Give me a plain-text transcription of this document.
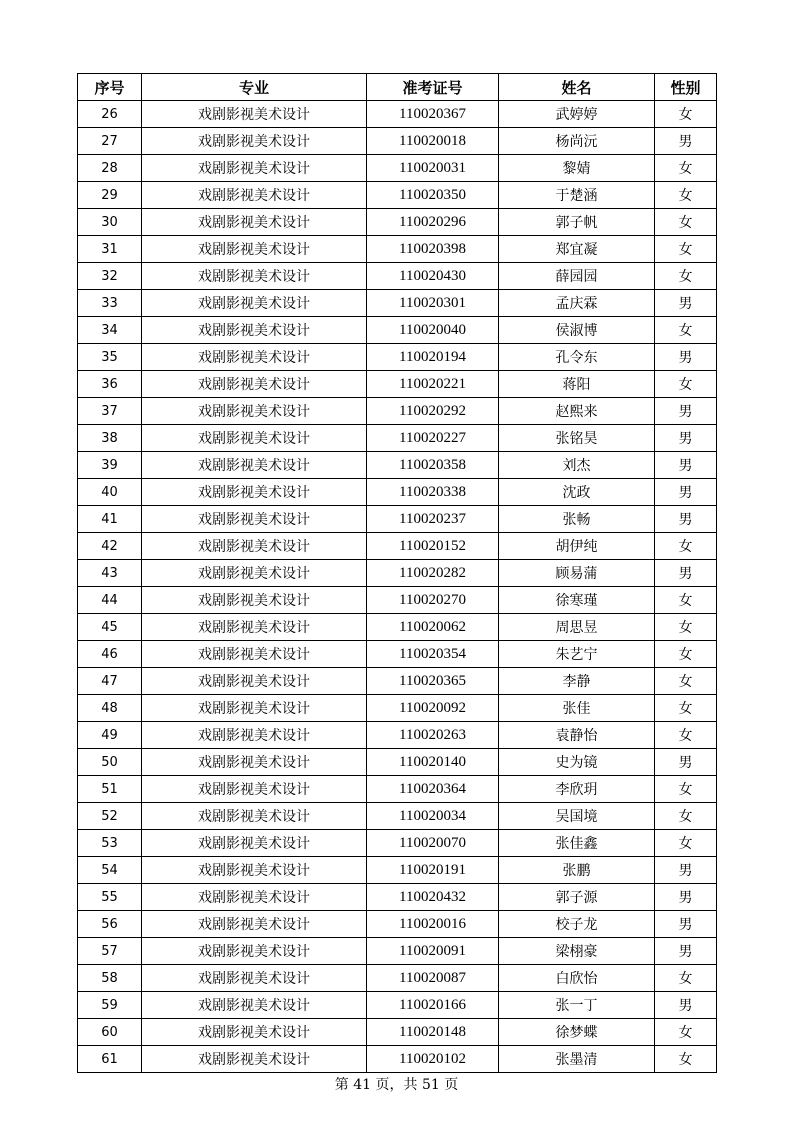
序号	专业	准考证号	姓名	性别
26	戏剧影视美术设计	110020367	武婷婷	女
27	戏剧影视美术设计	110020018	杨尚沅	男
28	戏剧影视美术设计	110020031	黎婧	女
29	戏剧影视美术设计	110020350	于楚涵	女
30	戏剧影视美术设计	110020296	郭子帆	女
31	戏剧影视美术设计	110020398	郑宜凝	女
32	戏剧影视美术设计	110020430	薛园园	女
33	戏剧影视美术设计	110020301	孟庆霖	男
34	戏剧影视美术设计	110020040	侯淑博	女
35	戏剧影视美术设计	110020194	孔令东	男
36	戏剧影视美术设计	110020221	蒋阳	女
37	戏剧影视美术设计	110020292	赵熙来	男
38	戏剧影视美术设计	110020227	张铭昊	男
39	戏剧影视美术设计	110020358	刘杰	男
40	戏剧影视美术设计	110020338	沈政	男
41	戏剧影视美术设计	110020237	张畅	男
42	戏剧影视美术设计	110020152	胡伊纯	女
43	戏剧影视美术设计	110020282	顾易蒲	男
44	戏剧影视美术设计	110020270	徐寒瑾	女
45	戏剧影视美术设计	110020062	周思昱	女
46	戏剧影视美术设计	110020354	朱艺宁	女
47	戏剧影视美术设计	110020365	李静	女
48	戏剧影视美术设计	110020092	张佳	女
49	戏剧影视美术设计	110020263	袁静怡	女
50	戏剧影视美术设计	110020140	史为镜	男
51	戏剧影视美术设计	110020364	李欣玥	女
52	戏剧影视美术设计	110020034	吴国境	女
53	戏剧影视美术设计	110020070	张佳鑫	女
54	戏剧影视美术设计	110020191	张鹏	男
55	戏剧影视美术设计	110020432	郭子源	男
56	戏剧影视美术设计	110020016	校子龙	男
57	戏剧影视美术设计	110020091	梁栩豪	男
58	戏剧影视美术设计	110020087	白欣怡	女
59	戏剧影视美术设计	110020166	张一丁	男
60	戏剧影视美术设计	110020148	徐梦蝶	女
61	戏剧影视美术设计	110020102	张墨清	女
第 41 页，共 51 页
